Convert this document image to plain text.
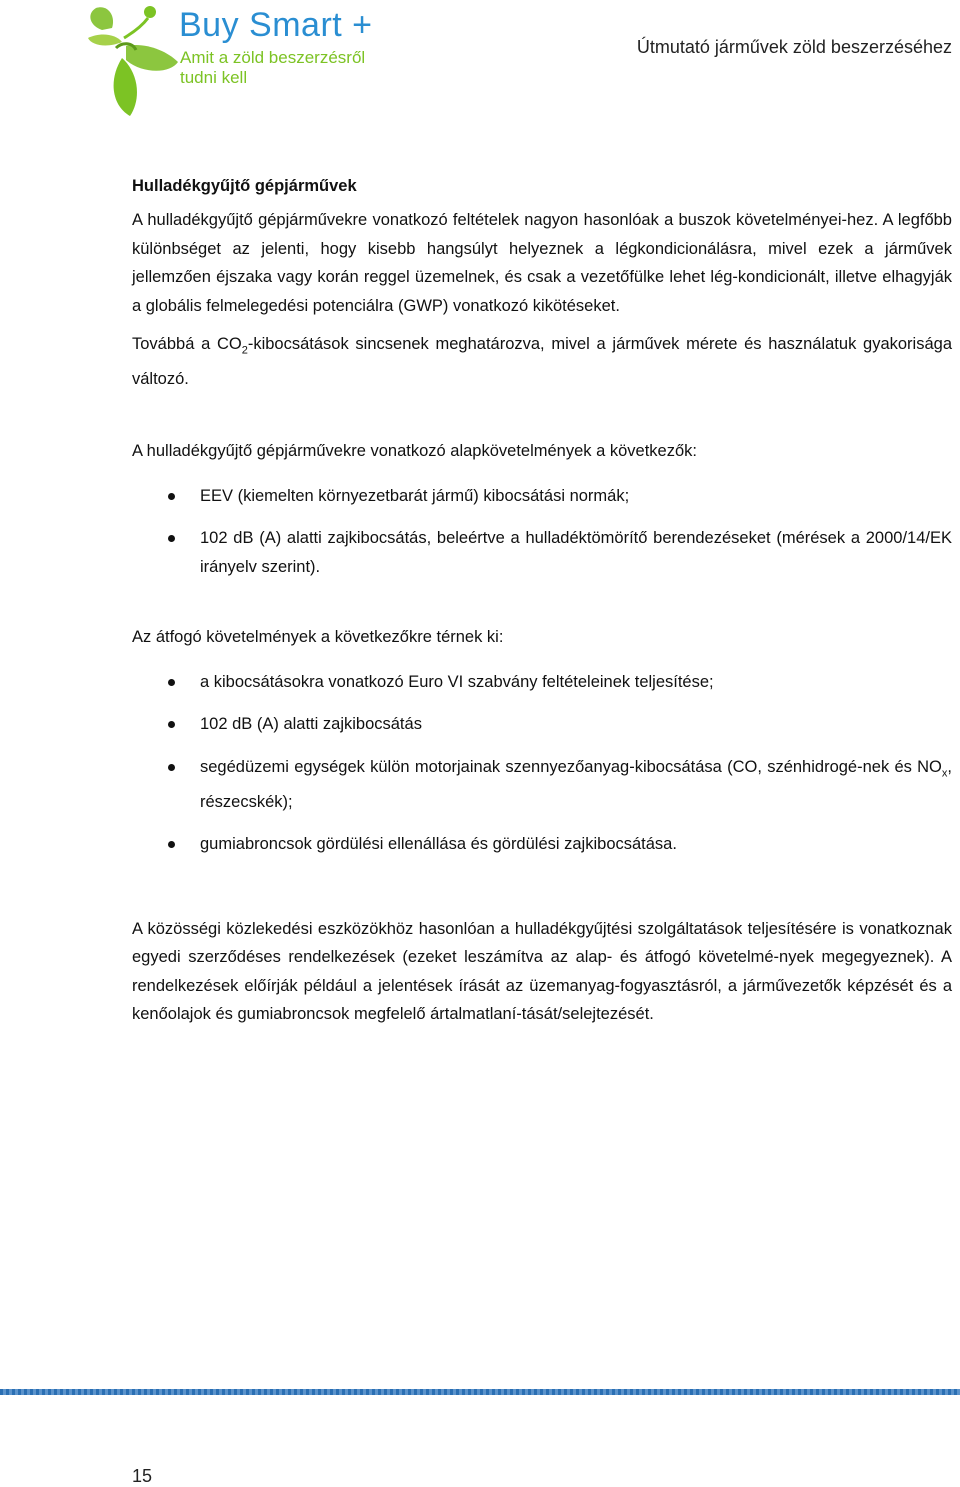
Buy Smart +
Amit a zöld beszerzésről
tudni kell
Útmutató járművek zöld beszerzéséhez
Hulladékgyűjtő gépjárművek

A hulladékgyűjtő gépjárművekre vonatkozó feltételek nagyon hasonlóak a buszok követelményei-hez. A legfőbb különbséget az jelenti, hogy kisebb hangsúlyt helyeznek a légkondicionálásra, mivel ezek a járművek jellemzően éjszaka vagy korán reggel üzemelnek, és csak a vezetőfülke lehet lég-kondicionált, illetve elhagyják a globális felmelegedési potenciálra (GWP) vonatkozó kikötéseket.

Továbbá a $CO_2$-kibocsátások sincsenek meghatározva, mivel a járművek mérete és használatuk gyakorisága változó.

A hulladékgyűjtő gépjárművekre vonatkozó alapkövetelmények a következők:

EEV (kiemelten környezetbarát jármű) kibocsátási normák;
102 dB (A) alatti zajkibocsátás, beleértve a hulladéktömörítő berendezéseket (mérések a 2000/14/EK irányelv szerint).

Az átfogó követelmények a következőkre térnek ki:

a kibocsátásokra vonatkozó Euro VI szabvány feltételeinek teljesítése;
102 dB (A) alatti zajkibocsátás
segédüzemi egységek külön motorjainak szennyezőanyag-kibocsátása (CO, szénhidrogé-nek és $NO_x$, részecskék);
gumiabroncsok gördülési ellenállása és gördülési zajkibocsátása.

A közösségi közlekedési eszközökhöz hasonlóan a hulladékgyűjtési szolgáltatások teljesítésére is vonatkoznak egyedi szerződéses rendelkezések (ezeket leszámítva az alap- és átfogó követelmé-nyek megegyeznek). A rendelkezések előírják például a jelentések írását az üzemanyag-fogyasztásról, a járművezetők képzését és a kenőolajok és gumiabroncsok megfelelő ártalmatlaní-tását/selejtezését.

15
